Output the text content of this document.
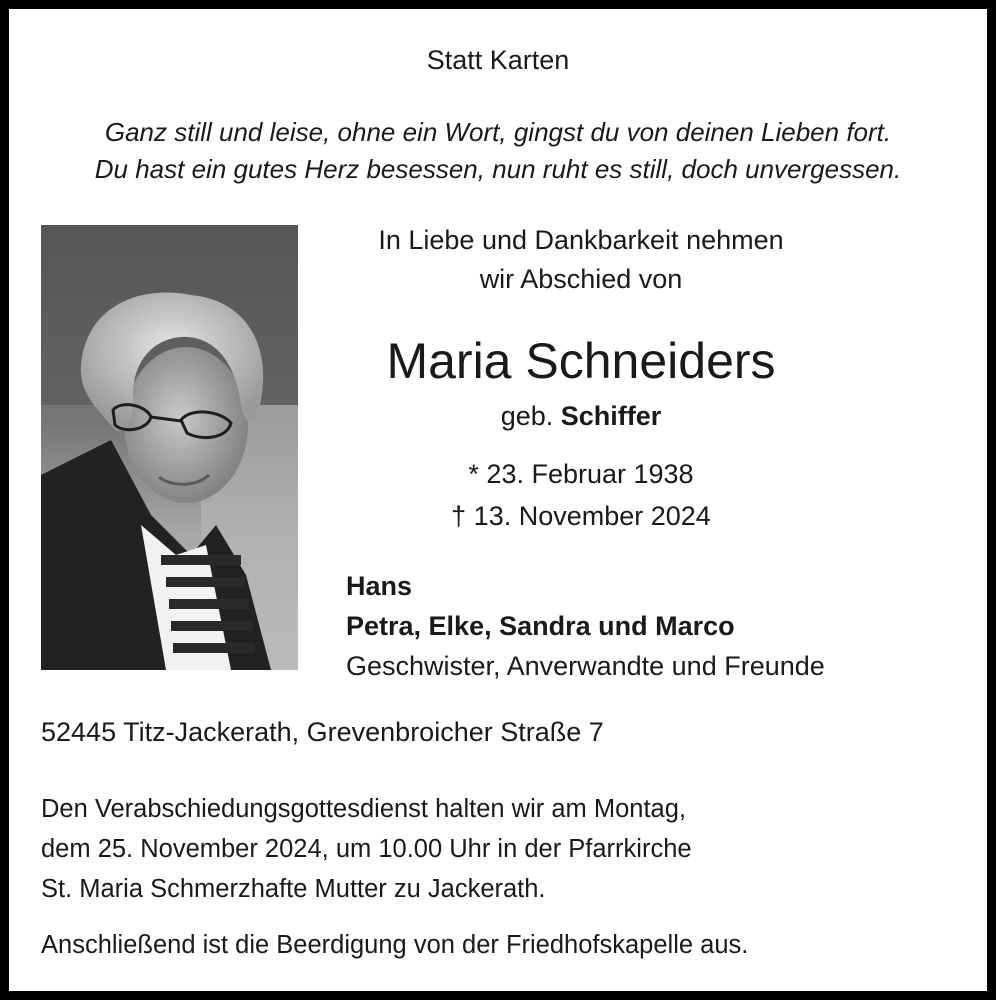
Statt Karten
Ganz still und leise, ohne ein Wort, gingst du von deinen Lieben fort.
Du hast ein gutes Herz besessen, nun ruht es still, doch unvergessen.
In Liebe und Dankbarkeit nehmen
wir Abschied von
Maria Schneiders
geb. Schiffer
* 23. Februar 1938
† 13. November 2024
Hans
Petra, Elke, Sandra und Marco
Geschwister, Anverwandte und Freunde
52445 Titz-Jackerath, Grevenbroicher Straße 7
Den Verabschiedungsgottesdienst halten wir am Montag,
dem 25. November 2024, um 10.00 Uhr in der Pfarrkirche
St. Maria Schmerzhafte Mutter zu Jackerath.
Anschließend ist die Beerdigung von der Friedhofskapelle aus.
